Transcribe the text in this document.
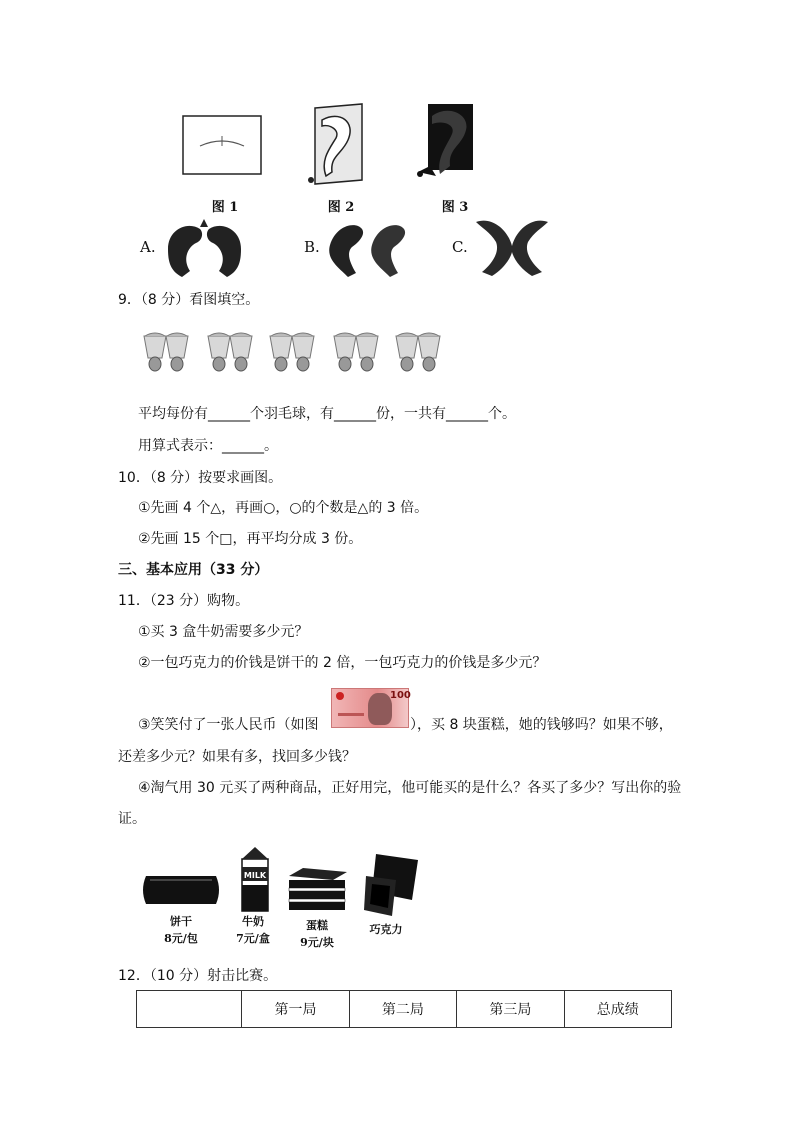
图 1	图 2	图 3
A.	B.	C.
9．（8 分）看图填空。
平均每份有______个羽毛球，有______份，一共有______个。
用算式表示：______。
10．（8 分）按要求画图。
①先画 4 个△，再画○，○的个数是△的 3 倍。
②先画 15 个□，再平均分成 3 份。
三、基本应用（33 分）
11．（23 分）购物。
①买 3 盒牛奶需要多少元？
②一包巧克力的价钱是饼干的 2 倍，一包巧克力的价钱是多少元？
③笑笑付了一张人民币（如图
100
），买 8 块蛋糕，她的钱够吗？如果不够，
还差多少元？如果有多，找回多少钱？
④淘气用 30 元买了两种商品，正好用完，他可能买的是什么？各买了多少？写出你的验
证。
饼干
8元/包
MILK
牛奶
7元/盒
蛋糕
9元/块
巧克力
12．（10 分）射击比赛。
	第一局	第二局	第三局	总成绩
